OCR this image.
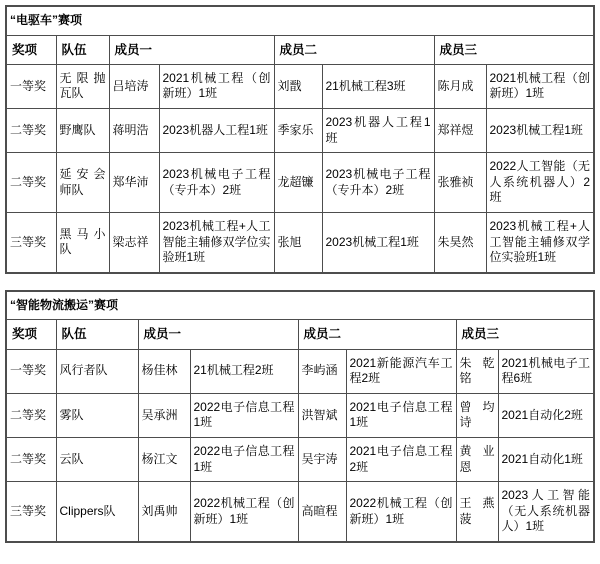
“电驱车”赛项							
奖项	队伍	成员一		成员二		成员三	
一等奖	无限抛瓦队	吕培涛	2021机械工程（创新班）1班	刘戬	21机械工程3班	陈月成	2021机械工程（创新班）1班
二等奖	野鹰队	蒋明浩	2023机器人工程1班	季家乐	2023机器人工程1班	郑祥煜	2023机械工程1班
二等奖	延安会师队	郑华沛	2023机械电子工程（专升本）2班	龙超镰	2023机械电子工程（专升本）2班	张雅祯	2022人工智能（无人系统机器人）2班
三等奖	黑马小队	梁志祥	2023机械工程+人工智能主辅修双学位实验班1班	张旭	2023机械工程1班	朱昊然	2023机械工程+人工智能主辅修双学位实验班1班
“智能物流搬运”赛项							
奖项	队伍	成员一		成员二		成员三	
一等奖	风行者队	杨佳林	21机械工程2班	李屿涵	2021新能源汽车工程2班	朱乾铭	2021机械电子工程6班
二等奖	雾队	吴承洲	2022电子信息工程1班	洪智斌	2021电子信息工程1班	曾均诗	2021自动化2班
二等奖	云队	杨江文	2022电子信息工程1班	吴宇涛	2021电子信息工程2班	黄业恩	2021自动化1班
三等奖	Clippers队	刘禹帅	2022机械工程（创新班）1班	高暄程	2022机械工程（创新班）1班	王燕菠	2023人工智能（无人系统机器人）1班
